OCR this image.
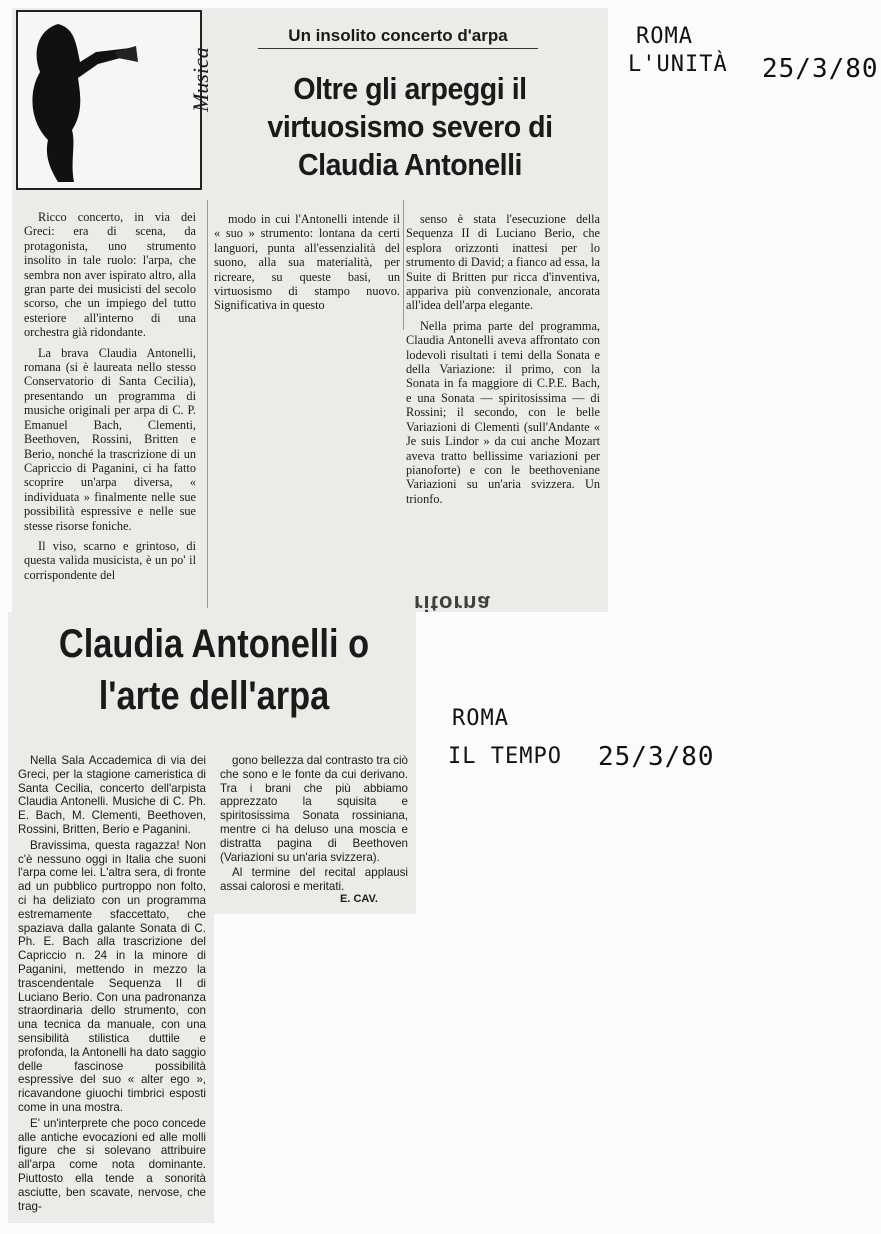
Musica
Un insolito concerto d'arpa
Oltre gli arpeggi il virtuosismo severo di Claudia Antonelli

Ricco concerto, in via dei Greci: era di scena, da protagonista, uno strumento insolito in tale ruolo: l'arpa, che sembra non aver ispirato altro, alla gran parte dei musicisti del secolo scorso, che un impiego del tutto esteriore all'interno di una orchestra già ridondante.

La brava Claudia Antonelli, romana (si è laureata nello stesso Conservatorio di Santa Cecilia), presentando un programma di musiche originali per arpa di C. P. Emanuel Bach, Clementi, Beethoven, Rossini, Britten e Berio, nonché la trascrizione di un Capriccio di Paganini, ci ha fatto scoprire un'arpa diversa, « individuata » finalmente nelle sue possibilità espressive e nelle sue stesse risorse foniche.

Il viso, scarno e grintoso, di questa valida musicista, è un po' il corrispondente del

modo in cui l'Antonelli intende il « suo » strumento: lontana da certi languori, punta all'essenzialità del suono, alla sua materialità, per ricreare, su queste basi, un virtuosismo di stampo nuovo. Significativa in questo

senso è stata l'esecuzione della Sequenza II di Luciano Berio, che esplora orizzonti inattesi per lo strumento di David; a fianco ad essa, la Suite di Britten pur ricca d'inventiva, appariva più convenzionale, ancorata all'idea dell'arpa elegante.

Nella prima parte del programma, Claudia Antonelli aveva affrontato con lodevoli risultati i temi della Sonata e della Variazione: il primo, con la Sonata in fa maggiore di C.P.E. Bach, e una Sonata — spiritosissima — di Rossini; il secondo, con le belle Variazioni di Clementi (sull'Andante « Je suis Lindor » da cui anche Mozart aveva tratto bellissime variazioni per pianoforte) e con le beethoveniane Variazioni su un'aria svizzera. Un trionfo.

ritorna
Claudia Antonelli o l'arte dell'arpa

Nella Sala Accademica di via dei Greci, per la stagione cameristica di Santa Cecilia, concerto dell'arpista Claudia Antonelli. Musiche di C. Ph. E. Bach, M. Clementi, Beethoven, Rossini, Britten, Berio e Paganini.

Bravissima, questa ragazza! Non c'è nessuno oggi in Italia che suoni l'arpa come lei. L'altra sera, di fronte ad un pubblico purtroppo non folto, ci ha deliziato con un programma estremamente sfaccettato, che spaziava dalla galante Sonata di C. Ph. E. Bach alla trascrizione del Capriccio n. 24 in la minore di Paganini, mettendo in mezzo la trascendentale Sequenza II di Luciano Berio. Con una padronanza straordinaria dello strumento, con una tecnica da manuale, con una sensibilità stilistica duttile e profonda, la Antonelli ha dato saggio delle fascinose possibilità espressive del suo « alter ego », ricavandone giuochi timbrici esposti come in una mostra.

E' un'interprete che poco concede alle antiche evocazioni ed alle molli figure che si solevano attribuire all'arpa come nota dominante. Piuttosto ella tende a sonorità asciutte, ben scavate, nervose, che trag-

gono bellezza dal contrasto tra ciò che sono e le fonte da cui derivano. Tra i brani che più abbiamo apprezzato la squisita e spiritosissima Sonata rossiniana, mentre ci ha deluso una moscia e distratta pagina di Beethoven (Variazioni su un'aria svizzera).

Al termine del recital applausi assai calorosi e meritati.

E. CAV.
ROMA
L'UNITÀ 25/3/80
ROMA
IL TEMPO 25/3/80
